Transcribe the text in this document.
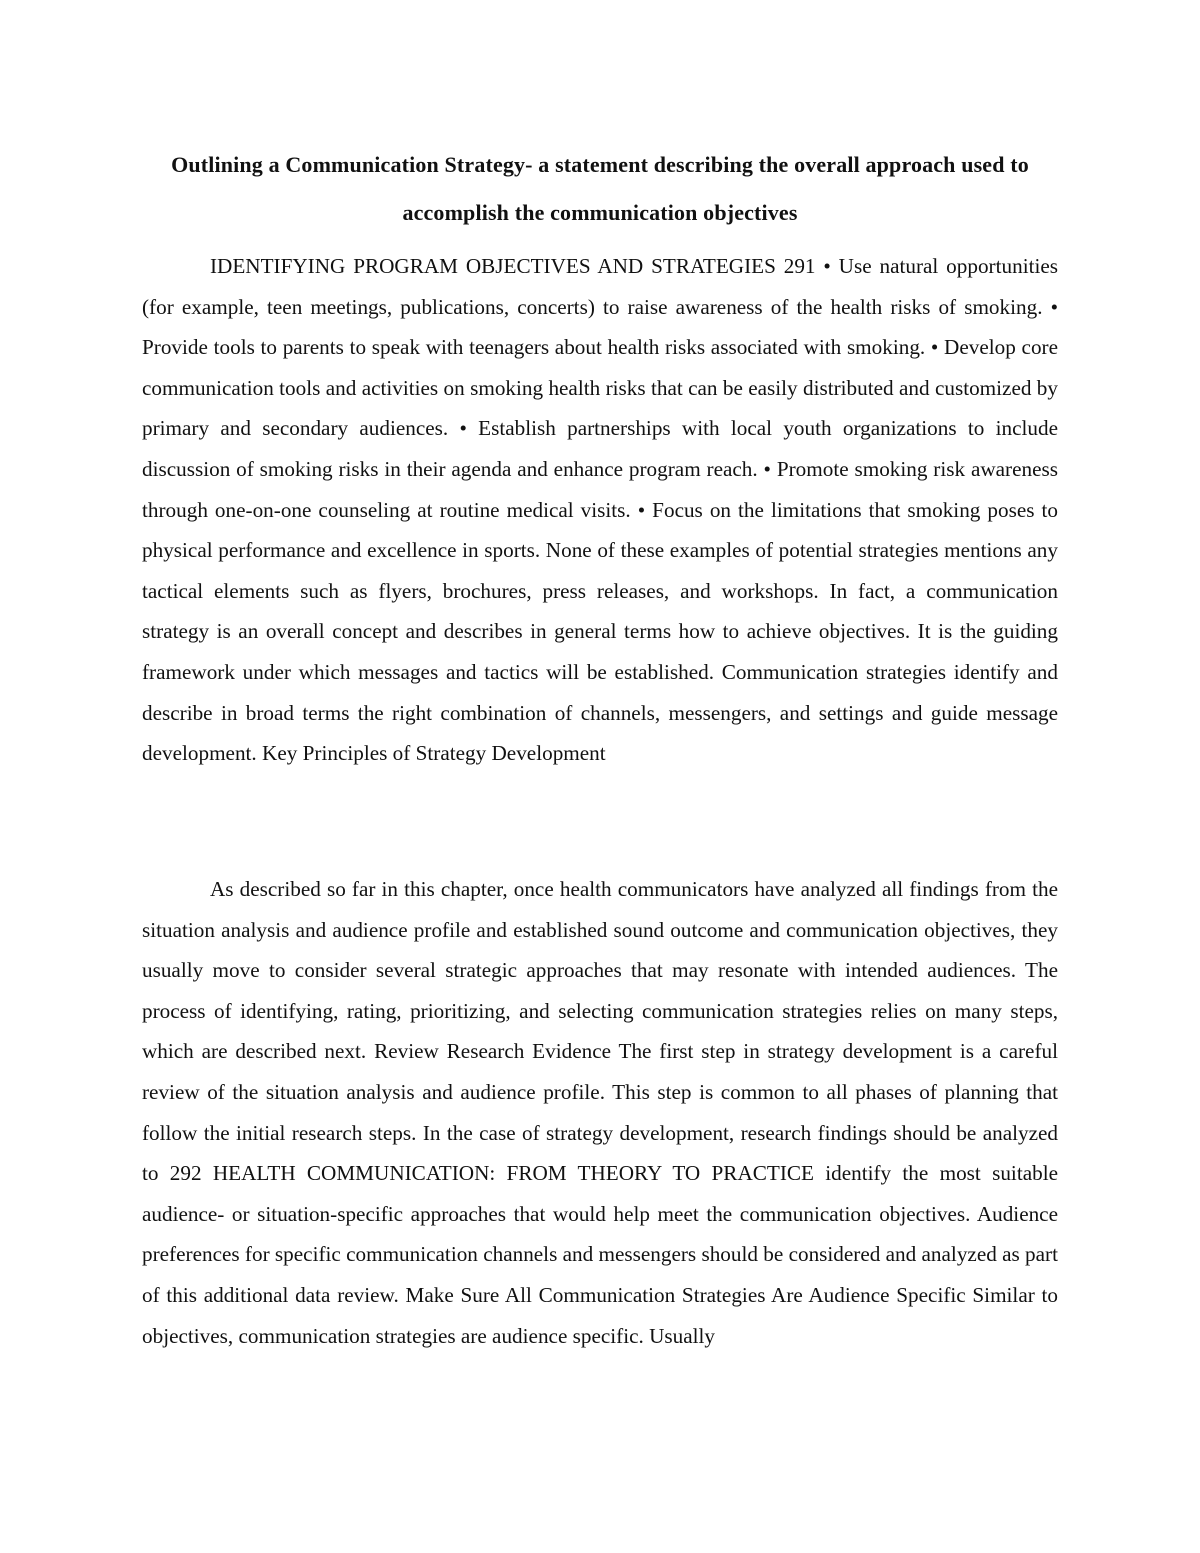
Outlining a Communication Strategy- a statement describing the overall approach used to accomplish the communication objectives

IDENTIFYING PROGRAM OBJECTIVES AND STRATEGIES 291 • Use natural opportunities (for example, teen meetings, publications, concerts) to raise awareness of the health risks of smoking. • Provide tools to parents to speak with teenagers about health risks associated with smoking. • Develop core communication tools and activities on smoking health risks that can be easily distributed and customized by primary and secondary audiences. • Establish partnerships with local youth organizations to include discussion of smoking risks in their agenda and enhance program reach. • Promote smoking risk awareness through one-on-one counseling at routine medical visits. • Focus on the limitations that smoking poses to physical performance and excellence in sports. None of these examples of potential strategies mentions any tactical elements such as flyers, brochures, press releases, and workshops. In fact, a communication strategy is an overall concept and describes in general terms how to achieve objectives. It is the guiding framework under which messages and tactics will be established. Communication strategies identify and describe in broad terms the right combination of channels, messengers, and settings and guide message development. Key Principles of Strategy Development

As described so far in this chapter, once health communicators have analyzed all findings from the situation analysis and audience profile and established sound outcome and communication objectives, they usually move to consider several strategic approaches that may resonate with intended audiences. The process of identifying, rating, prioritizing, and selecting communication strategies relies on many steps, which are described next. Review Research Evidence The first step in strategy development is a careful review of the situation analysis and audience profile. This step is common to all phases of planning that follow the initial research steps. In the case of strategy development, research findings should be analyzed to 292 HEALTH COMMUNICATION: FROM THEORY TO PRACTICE identify the most suitable audience- or situation-specific approaches that would help meet the communication objectives. Audience preferences for specific communication channels and messengers should be considered and analyzed as part of this additional data review. Make Sure All Communication Strategies Are Audience Specific Similar to objectives, communication strategies are audience specific. Usually
